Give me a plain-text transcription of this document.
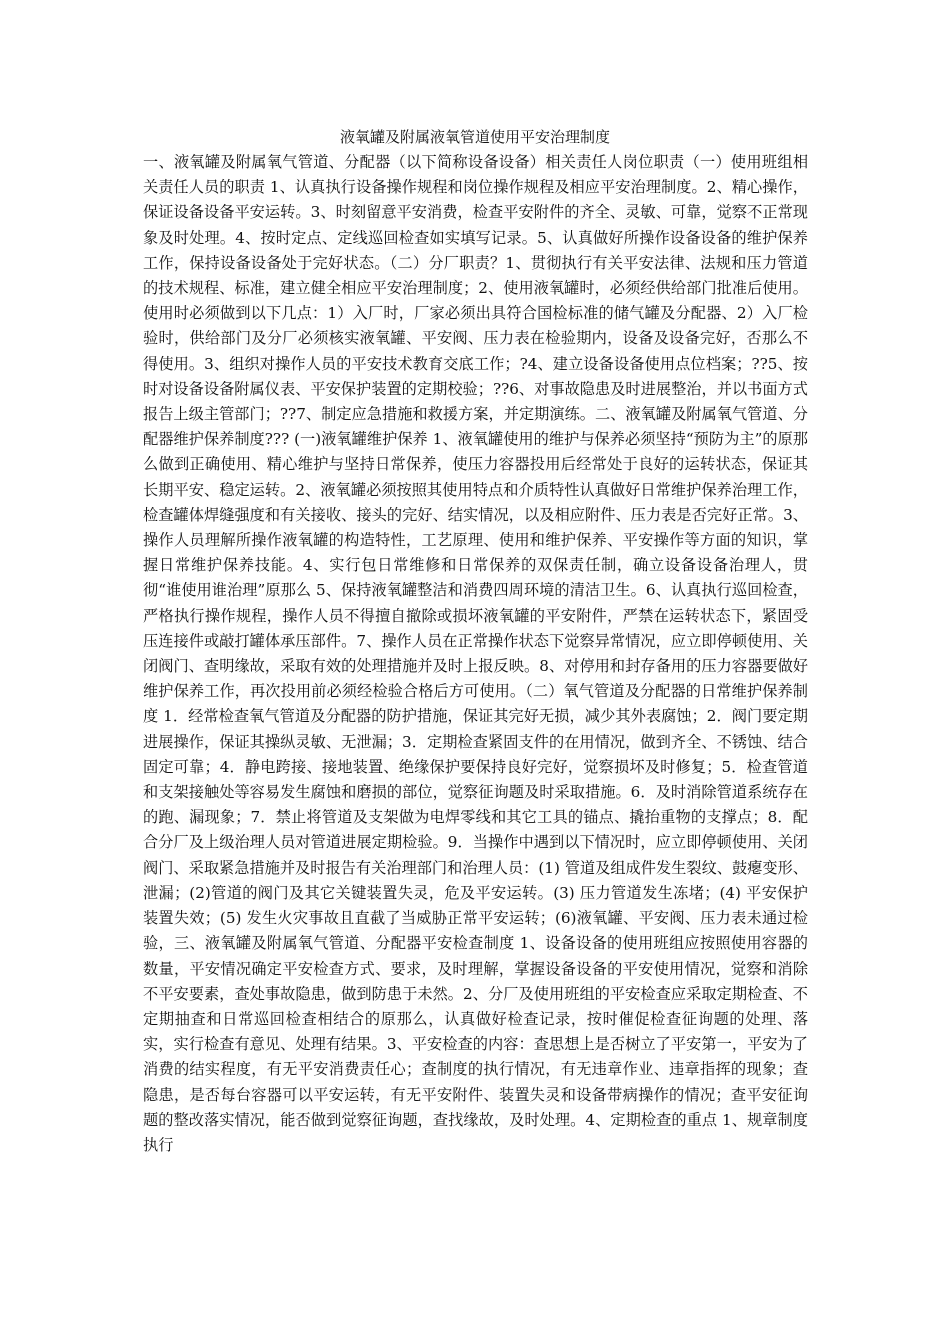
液氧罐及附属液氧管道使用平安治理制度

一、液氧罐及附属氧气管道、分配器（以下简称设备设备）相关责任人岗位职责（一）使用班组相关责任人员的职责 1、认真执行设备操作规程和岗位操作规程及相应平安治理制度。2、精心操作，保证设备设备平安运转。3、时刻留意平安消费，检查平安附件的齐全、灵敏、可靠，觉察不正常现象及时处理。4、按时定点、定线巡回检查如实填写记录。5、认真做好所操作设备设备的维护保养工作，保持设备设备处于完好状态。（二）分厂职责？1、贯彻执行有关平安法律、法规和压力管道的技术规程、标准，建立健全相应平安治理制度；2、使用液氧罐时，必须经供给部门批准后使用。使用时必须做到以下几点：1）入厂时，厂家必须出具符合国检标准的储气罐及分配器、2）入厂检验时，供给部门及分厂必须核实液氧罐、平安阀、压力表在检验期内，设备及设备完好，否那么不得使用。3、组织对操作人员的平安技术教育交底工作；?4、建立设备设备使用点位档案；??5、按时对设备设备附属仪表、平安保护装置的定期校验；??6、对事故隐患及时进展整治，并以书面方式报告上级主管部门；??7、制定应急措施和救援方案，并定期演练。二、液氧罐及附属氧气管道、分配器维护保养制度??? (一)液氧罐维护保养 1、液氧罐使用的维护与保养必须坚持“预防为主”的原那么做到正确使用、精心维护与坚持日常保养，使压力容器投用后经常处于良好的运转状态，保证其长期平安、稳定运转。2、液氧罐必须按照其使用特点和介质特性认真做好日常维护保养治理工作，检查罐体焊缝强度和有关接收、接头的完好、结实情况，以及相应附件、压力表是否完好正常。3、操作人员理解所操作液氧罐的构造特性，工艺原理、使用和维护保养、平安操作等方面的知识，掌握日常维护保养技能。4、实行包日常维修和日常保养的双保责任制，确立设备设备治理人，贯彻“谁使用谁治理”原那么 5、保持液氧罐整洁和消费四周环境的清洁卫生。6、认真执行巡回检查，严格执行操作规程，操作人员不得擅自撤除或损坏液氧罐的平安附件，严禁在运转状态下，紧固受压连接件或敲打罐体承压部件。7、操作人员在正常操作状态下觉察异常情况，应立即停顿使用、关闭阀门、查明缘故，采取有效的处理措施并及时上报反映。8、对停用和封存备用的压力容器要做好维护保养工作，再次投用前必须经检验合格后方可使用。（二）氧气管道及分配器的日常维护保养制度 1．经常检查氧气管道及分配器的防护措施，保证其完好无损，减少其外表腐蚀；2．阀门要定期进展操作，保证其操纵灵敏、无泄漏；3．定期检查紧固支件的在用情况，做到齐全、不锈蚀、结合固定可靠；4．静电跨接、接地装置、绝缘保护要保持良好完好，觉察损坏及时修复；5．检查管道和支架接触处等容易发生腐蚀和磨损的部位，觉察征询题及时采取措施。6．及时消除管道系统存在的跑、漏现象；7．禁止将管道及支架做为电焊零线和其它工具的锚点、撬抬重物的支撑点；8．配合分厂及上级治理人员对管道进展定期检验。9．当操作中遇到以下情况时，应立即停顿使用、关闭阀门、采取紧急措施并及时报告有关治理部门和治理人员：(1) 管道及组成件发生裂纹、鼓瘪变形、泄漏；(2)管道的阀门及其它关键装置失灵，危及平安运转。(3) 压力管道发生冻堵；(4) 平安保护装置失效；(5) 发生火灾事故且直截了当威胁正常平安运转；(6)液氧罐、平安阀、压力表未通过检验，三、液氧罐及附属氧气管道、分配器平安检查制度 1、设备设备的使用班组应按照使用容器的数量，平安情况确定平安检查方式、要求，及时理解，掌握设备设备的平安使用情况，觉察和消除不平安要素，查处事故隐患，做到防患于未然。2、分厂及使用班组的平安检查应采取定期检查、不定期抽查和日常巡回检查相结合的原那么，认真做好检查记录，按时催促检查征询题的处理、落实，实行检查有意见、处理有结果。3、平安检查的内容：查思想上是否树立了平安第一，平安为了消费的结实程度，有无平安消费责任心；查制度的执行情况，有无违章作业、违章指挥的现象；查隐患，是否每台容器可以平安运转，有无平安附件、装置失灵和设备带病操作的情况；查平安征询题的整改落实情况，能否做到觉察征询题，查找缘故，及时处理。4、定期检查的重点 1、规章制度执行
